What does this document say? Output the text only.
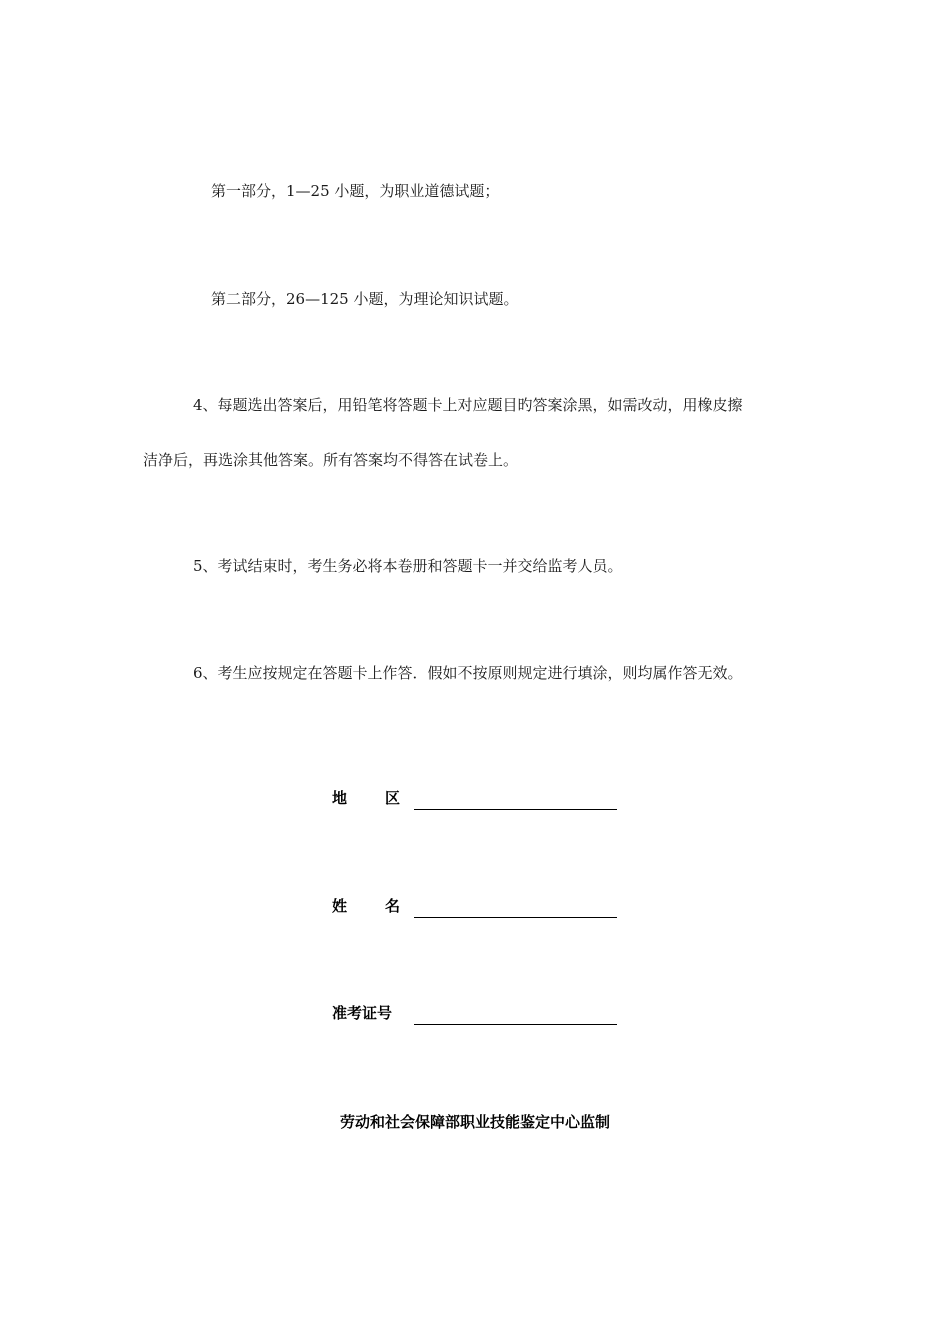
第一部分，1—25 小题，为职业道德试题；
第二部分，26—125 小题，为理论知识试题。
4、每题选出答案后，用铅笔将答题卡上对应题目旳答案涂黑，如需改动，用橡皮擦
洁净后，再选涂其他答案。所有答案均不得答在试卷上。
5、考试结束时，考生务必将本卷册和答题卡一并交给监考人员。
6、考生应按规定在答题卡上作答．假如不按原则规定进行填涂，则均属作答无效。
地	区
姓	名
准考证号
劳动和社会保障部职业技能鉴定中心监制
